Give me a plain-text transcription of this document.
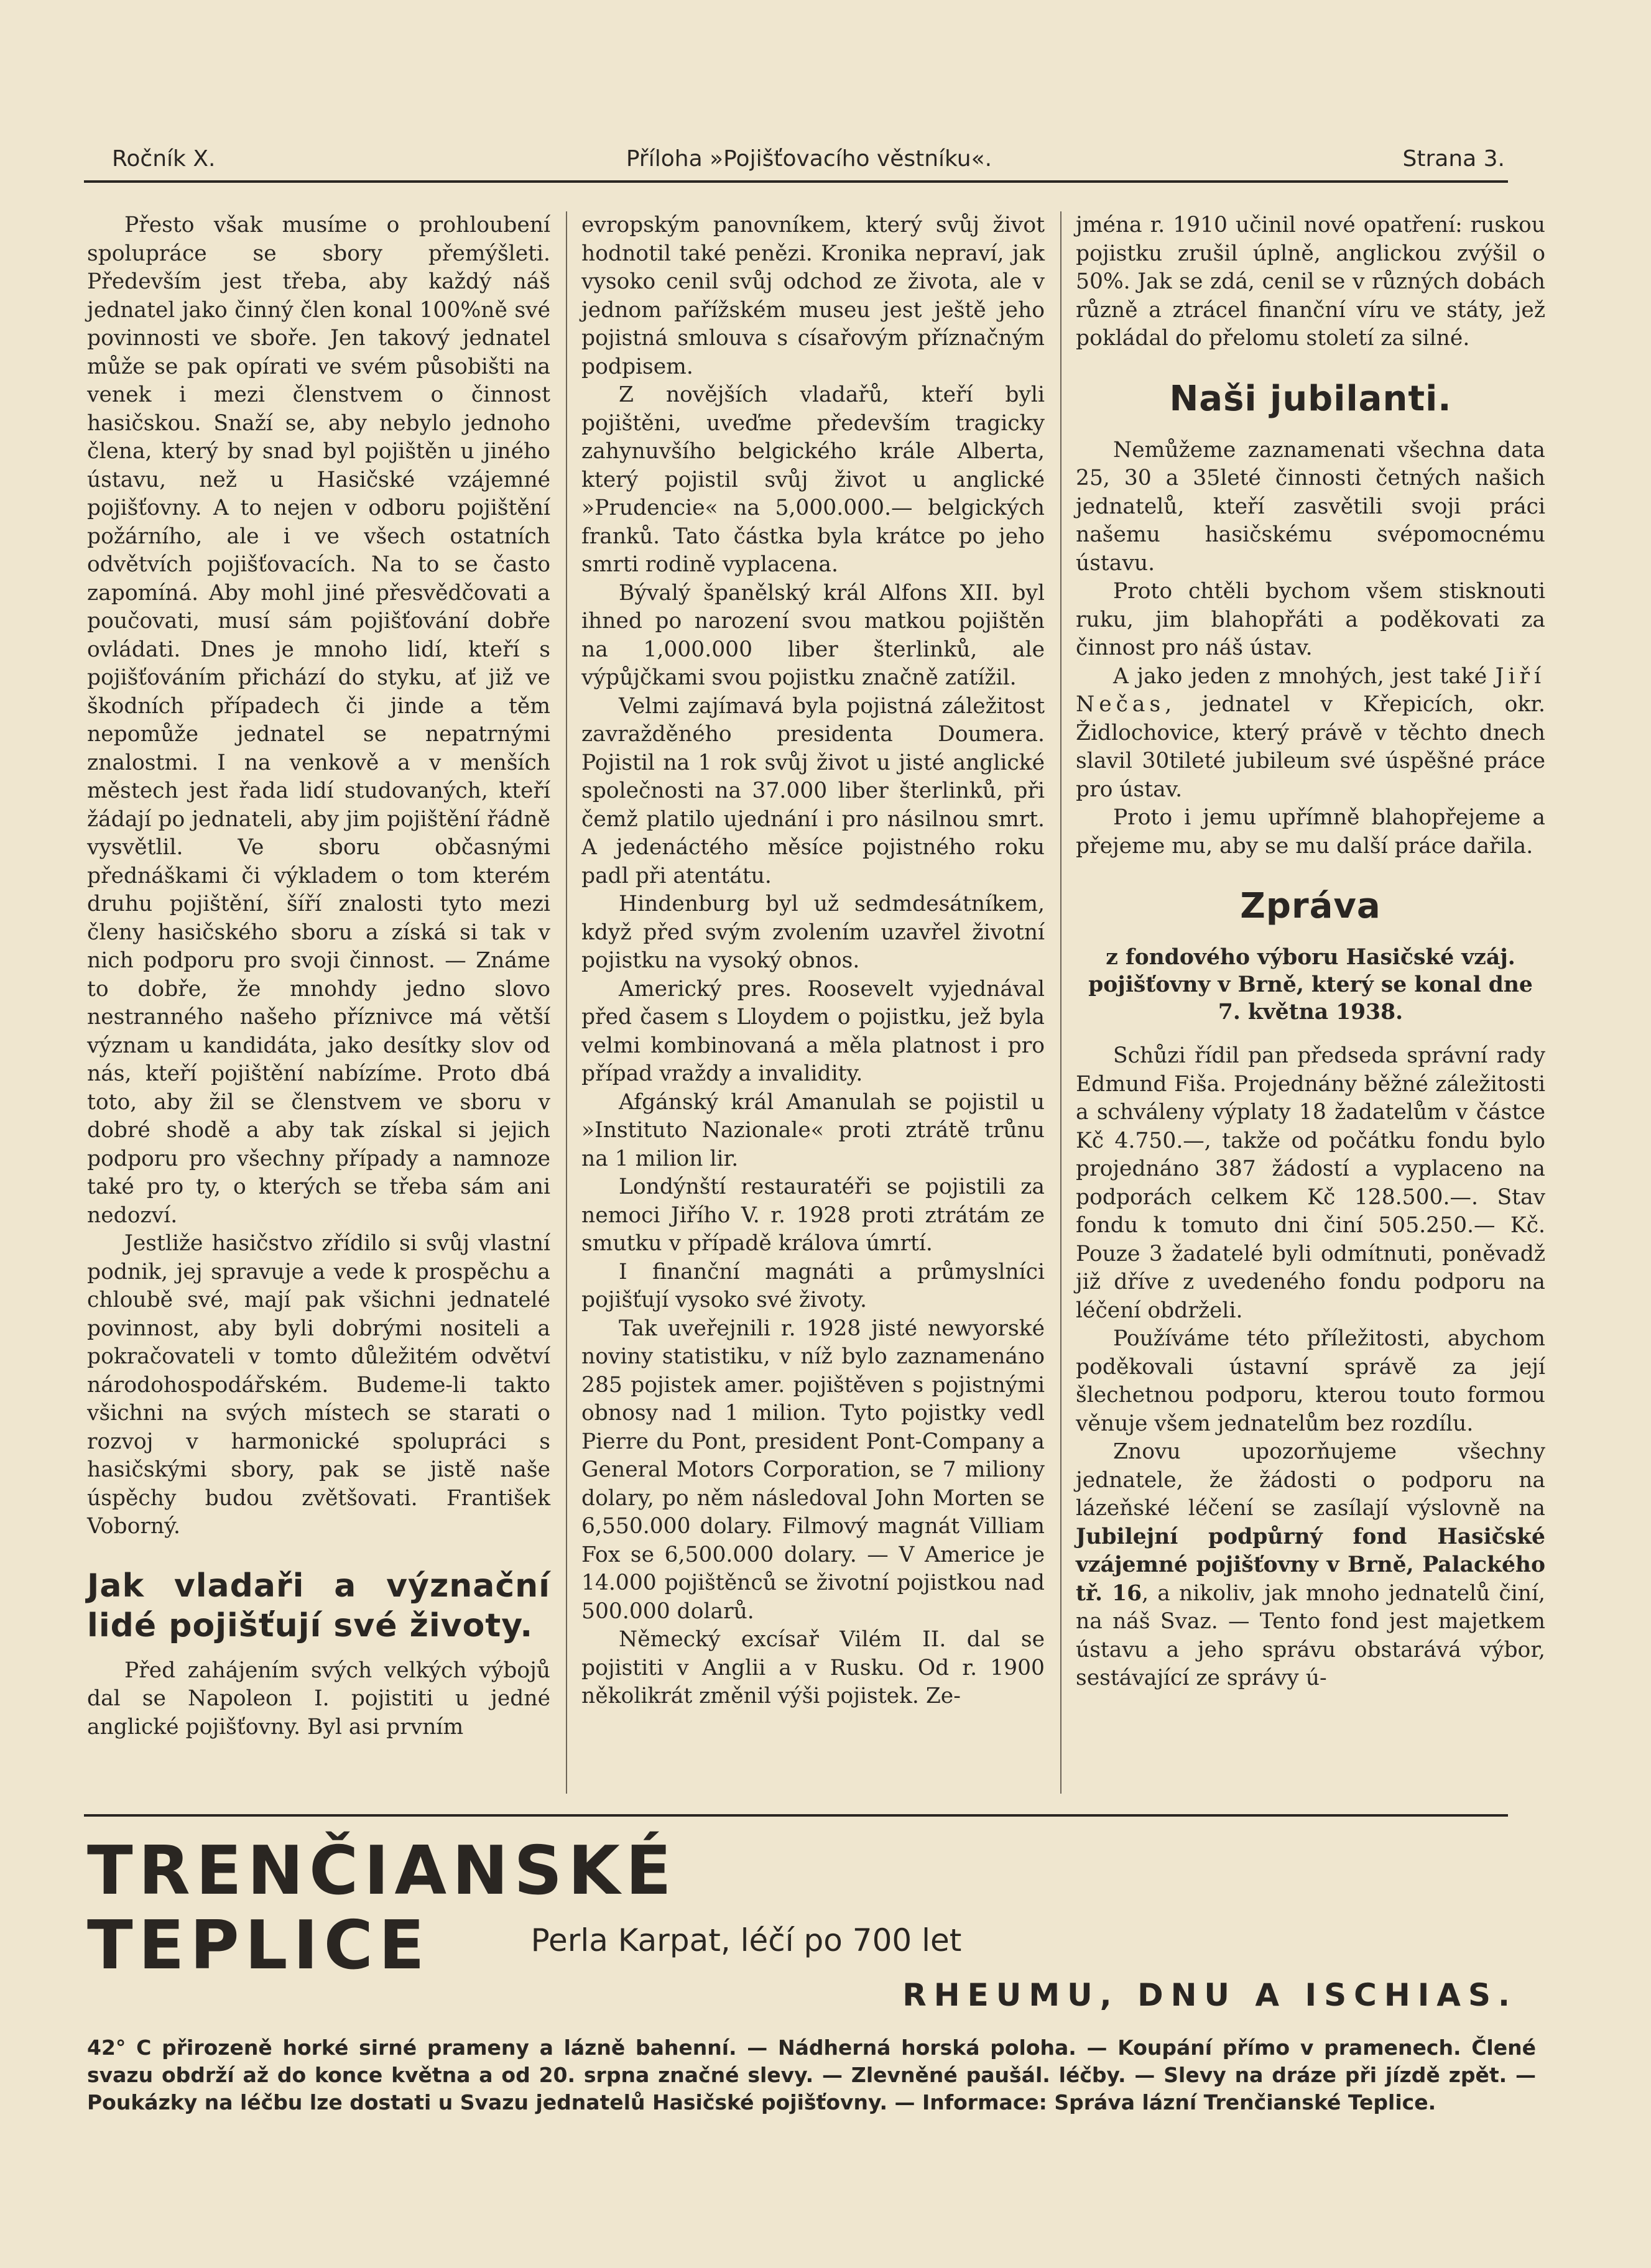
Ročník X.	Příloha »Pojišťovacího věstníku«.	Strana 3.

Přesto však musíme o prohloubení spolupráce se sbory přemýšleti. Především jest třeba, aby každý náš jednatel jako činný člen konal 100%ně své povinnosti ve sboře. Jen takový jednatel může se pak opírati ve svém působišti na venek i mezi členstvem o činnost hasičskou. Snaží se, aby nebylo jednoho člena, který by snad byl pojištěn u jiného ústavu, než u Hasičské vzájemné pojišťovny. A to nejen v odboru pojištění požárního, ale i ve všech ostatních odvětvích pojišťovacích. Na to se často zapomíná. Aby mohl jiné přesvědčovati a poučovati, musí sám pojišťování dobře ovládati. Dnes je mnoho lidí, kteří s pojišťováním přichází do styku, ať již ve škodních případech či jinde a těm nepomůže jednatel se nepatrnými znalostmi. I na venkově a v menších městech jest řada lidí studovaných, kteří žádají po jednateli, aby jim pojištění řádně vysvětlil. Ve sboru občasnými přednáškami či výkladem o tom kterém druhu pojištění, šíří znalosti tyto mezi členy hasičského sboru a získá si tak v nich podporu pro svoji činnost. — Známe to dobře, že mnohdy jedno slovo nestranného našeho příznivce má větší význam u kandidáta, jako desítky slov od nás, kteří pojištění nabízíme. Proto dbá toto, aby žil se členstvem ve sboru v dobré shodě a aby tak získal si jejich podporu pro všechny případy a namnoze také pro ty, o kterých se třeba sám ani nedozví.

Jestliže hasičstvo zřídilo si svůj vlastní podnik, jej spravuje a vede k prospěchu a chloubě své, mají pak všichni jednatelé povinnost, aby byli dobrými nositeli a pokračovateli v tomto důležitém odvětví národohospodářském. Budeme-li takto všichni na svých místech se starati o rozvoj v harmonické spolupráci s hasičskými sbory, pak se jistě naše úspěchy budou zvětšovati. František Voborný.

Jak vladaři a význační lidé pojišťují své životy.

Před zahájením svých velkých výbojů dal se Napoleon I. pojistiti u jedné anglické pojišťovny. Byl asi prvním

evropským panovníkem, který svůj život hodnotil také penězi. Kronika nepraví, jak vysoko cenil svůj odchod ze života, ale v jednom pařížském museu jest ještě jeho pojistná smlouva s císařovým příznačným podpisem.

Z novějších vladařů, kteří byli pojištěni, uveďme především tragicky zahynuvšího belgického krále Alberta, který pojistil svůj život u anglické »Prudencie« na 5,000.000.— belgických franků. Tato částka byla krátce po jeho smrti rodině vyplacena.

Bývalý španělský král Alfons XII. byl ihned po narození svou matkou pojištěn na 1,000.000 liber šterlinků, ale výpůjčkami svou pojistku značně zatížil.

Velmi zajímavá byla pojistná záležitost zavražděného presidenta Doumera. Pojistil na 1 rok svůj život u jisté anglické společnosti na 37.000 liber šterlinků, při čemž platilo ujednání i pro násilnou smrt. A jedenáctého měsíce pojistného roku padl při atentátu.

Hindenburg byl už sedmdesátníkem, když před svým zvolením uzavřel životní pojistku na vysoký obnos.

Americký pres. Roosevelt vyjednával před časem s Lloydem o pojistku, jež byla velmi kombinovaná a měla platnost i pro případ vraždy a invalidity.

Afgánský král Amanulah se pojistil u »Instituto Nazionale« proti ztrátě trůnu na 1 milion lir.

Londýnští restauratéři se pojistili za nemoci Jiřího V. r. 1928 proti ztrátám ze smutku v případě králova úmrtí.

I finanční magnáti a průmyslníci pojišťují vysoko své životy.

Tak uveřejnili r. 1928 jisté newyorské noviny statistiku, v níž bylo zaznamenáno 285 pojistek amer. pojištěven s pojistnými obnosy nad 1 milion. Tyto pojistky vedl Pierre du Pont, president Pont-Company a General Motors Corporation, se 7 miliony dolary, po něm následoval John Morten se 6,550.000 dolary. Filmový magnát Villiam Fox se 6,500.000 dolary. — V Americe je 14.000 pojištěnců se životní pojistkou nad 500.000 dolarů.

Německý excísař Vilém II. dal se pojistiti v Anglii a v Rusku. Od r. 1900 několikrát změnil výši pojistek. Ze-

jména r. 1910 učinil nové opatření: ruskou pojistku zrušil úplně, anglickou zvýšil o 50%. Jak se zdá, cenil se v různých dobách různě a ztrácel finanční víru ve státy, jež pokládal do přelomu století za silné.

Naši jubilanti.

Nemůžeme zaznamenati všechna data 25, 30 a 35leté činnosti četných našich jednatelů, kteří zasvětili svoji práci našemu hasičskému svépomocnému ústavu.

Proto chtěli bychom všem stisknouti ruku, jim blahopřáti a poděkovati za činnost pro náš ústav.

A jako jeden z mnohých, jest také Jiří Nečas, jednatel v Křepicích, okr. Židlochovice, který právě v těchto dnech slavil 30tileté jubileum své úspěšné práce pro ústav.

Proto i jemu upřímně blahopřejeme a přejeme mu, aby se mu další práce dařila.

Zpráva
z fondového výboru Hasičské vzáj. pojišťovny v Brně, který se konal dne 7. května 1938.

Schůzi řídil pan předseda správní rady Edmund Fiša. Projednány běžné záležitosti a schváleny výplaty 18 žadatelům v částce Kč 4.750.—, takže od počátku fondu bylo projednáno 387 žádostí a vyplaceno na podporách celkem Kč 128.500.—. Stav fondu k tomuto dni činí 505.250.— Kč. Pouze 3 žadatelé byli odmítnuti, poněvadž již dříve z uvedeného fondu podporu na léčení obdrželi.

Používáme této příležitosti, abychom poděkovali ústavní správě za její šlechetnou podporu, kterou touto formou věnuje všem jednatelům bez rozdílu.

Znovu upozorňujeme všechny jednatele, že žádosti o podporu na lázeňské léčení se zasílají výslovně na Jubilejní podpůrný fond Hasičské vzájemné pojišťovny v Brně, Palackého tř. 16, a nikoliv, jak mnoho jednatelů činí, na náš Svaz. — Tento fond jest majetkem ústavu a jeho správu obstarává výbor, sestávající ze správy ú-

TRENČIANSKÉ TEPLICE	Perla Karpat, léčí po 700 let
RHEUMU, DNU A ISCHIAS.
42° C přirozeně horké sirné prameny a lázně bahenní. — Nádherná horská poloha. — Koupání přímo v pramenech. Člené svazu obdrží až do konce května a od 20. srpna značné slevy. — Zlevněné paušál. léčby. — Slevy na dráze při jízdě zpět. — Poukázky na léčbu lze dostati u Svazu jednatelů Hasičské pojišťovny. — Informace: Správa lázní Trenčianské Teplice.
